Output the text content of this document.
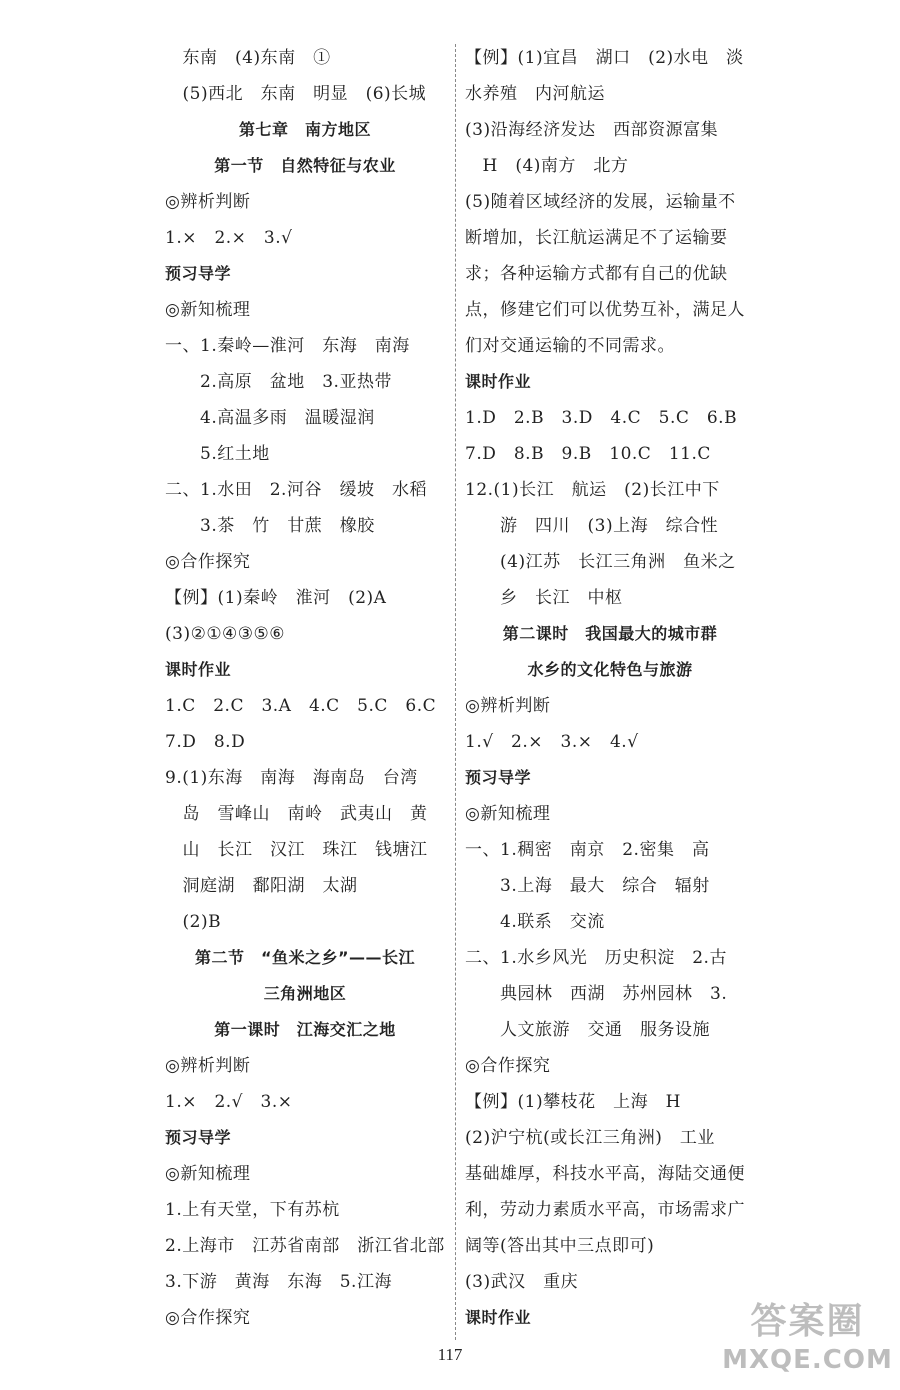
　东南　(4)东南　①
　(5)西北　东南　明显　(6)长城
第七章　南方地区
第一节　自然特征与农业
◎辨析判断
1.×　2.×　3.√
预习导学
◎新知梳理
一、1.秦岭—淮河　东海　南海
　　2.高原　盆地　3.亚热带
　　4.高温多雨　温暖湿润
　　5.红土地
二、1.水田　2.河谷　缓坡　水稻
　　3.茶　竹　甘蔗　橡胶
◎合作探究
【例】(1)秦岭　淮河　(2)A
(3)②①④③⑤⑥
课时作业
1.C　2.C　3.A　4.C　5.C　6.C
7.D　8.D
9.(1)东海　南海　海南岛　台湾
　岛　雪峰山　南岭　武夷山　黄
　山　长江　汉江　珠江　钱塘江
　洞庭湖　鄱阳湖　太湖
　(2)B
第二节　“鱼米之乡”——长江
三角洲地区
第一课时　江海交汇之地
◎辨析判断
1.×　2.√　3.×
预习导学
◎新知梳理
1.上有天堂，下有苏杭
2.上海市　江苏省南部　浙江省北部
3.下游　黄海　东海　5.江海
◎合作探究
【例】(1)宜昌　湖口　(2)水电　淡
水养殖　内河航运
(3)沿海经济发达　西部资源富集
　H　(4)南方　北方
(5)随着区域经济的发展，运输量不
断增加，长江航运满足不了运输要
求；各种运输方式都有自己的优缺
点，修建它们可以优势互补，满足人
们对交通运输的不同需求。
课时作业
1.D　2.B　3.D　4.C　5.C　6.B
7.D　8.B　9.B　10.C　11.C
12.(1)长江　航运　(2)长江中下
　　游　四川　(3)上海　综合性
　　(4)江苏　长江三角洲　鱼米之
　　乡　长江　中枢
第二课时　我国最大的城市群
水乡的文化特色与旅游
◎辨析判断
1.√　2.×　3.×　4.√
预习导学
◎新知梳理
一、1.稠密　南京　2.密集　高
　　3.上海　最大　综合　辐射
　　4.联系　交流
二、1.水乡风光　历史积淀　2.古
　　典园林　西湖　苏州园林　3.
　　人文旅游　交通　服务设施
◎合作探究
【例】(1)攀枝花　上海　H
(2)沪宁杭(或长江三角洲)　工业
基础雄厚，科技水平高，海陆交通便
利，劳动力素质水平高，市场需求广
阔等(答出其中三点即可)
(3)武汉　重庆
课时作业
117
答案圈
MXQE.COM
